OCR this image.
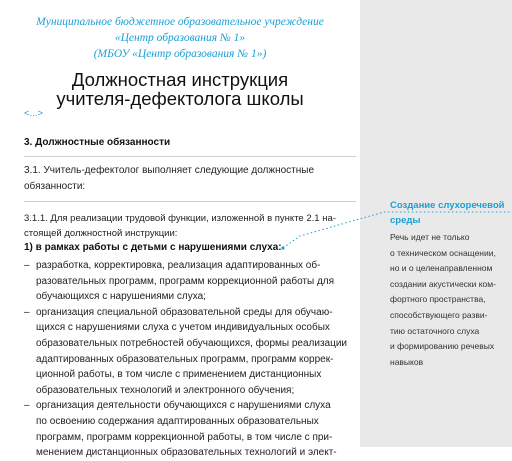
Муниципальное бюджетное образовательное учреждение
«Центр образования № 1»
(МБОУ «Центр образования № 1»)
Должностная инструкция
учителя-дефектолога школы
<...>
3. Должностные обязанности
3.1. Учитель-дефектолог выполняет следующие должностные
обязанности:
3.1.1. Для реализации трудовой функции, изложенной в пункте 2.1 на-
стоящей должностной инструкции:
1) в рамках работы с детьми с нарушениями слуха:
– разработка, корректировка, реализация адаптированных об-
разовательных программ, программ коррекционной работы для
обучающихся с нарушениями слуха;
– организация специальной образовательной среды для обучаю-
щихся с нарушениями слуха с учетом индивидуальных особых
образовательных потребностей обучающихся, формы реализации
адаптированных образовательных программ, программ коррек-
ционной работы, в том числе с применением дистанционных
образовательных технологий и электронного обучения;
– организация деятельности обучающихся с нарушениями слуха
по освоению содержания адаптированных образовательных
программ, программ коррекционной работы, в том числе с при-
менением дистанционных образовательных технологий и элект-
Создание слухоречевой
среды
Речь идет не только
о техническом оснащении,
но и о целенаправленном
создании акустически ком-
фортного пространства,
способствующего разви-
тию остаточного слуха
и формированию речевых
навыков
